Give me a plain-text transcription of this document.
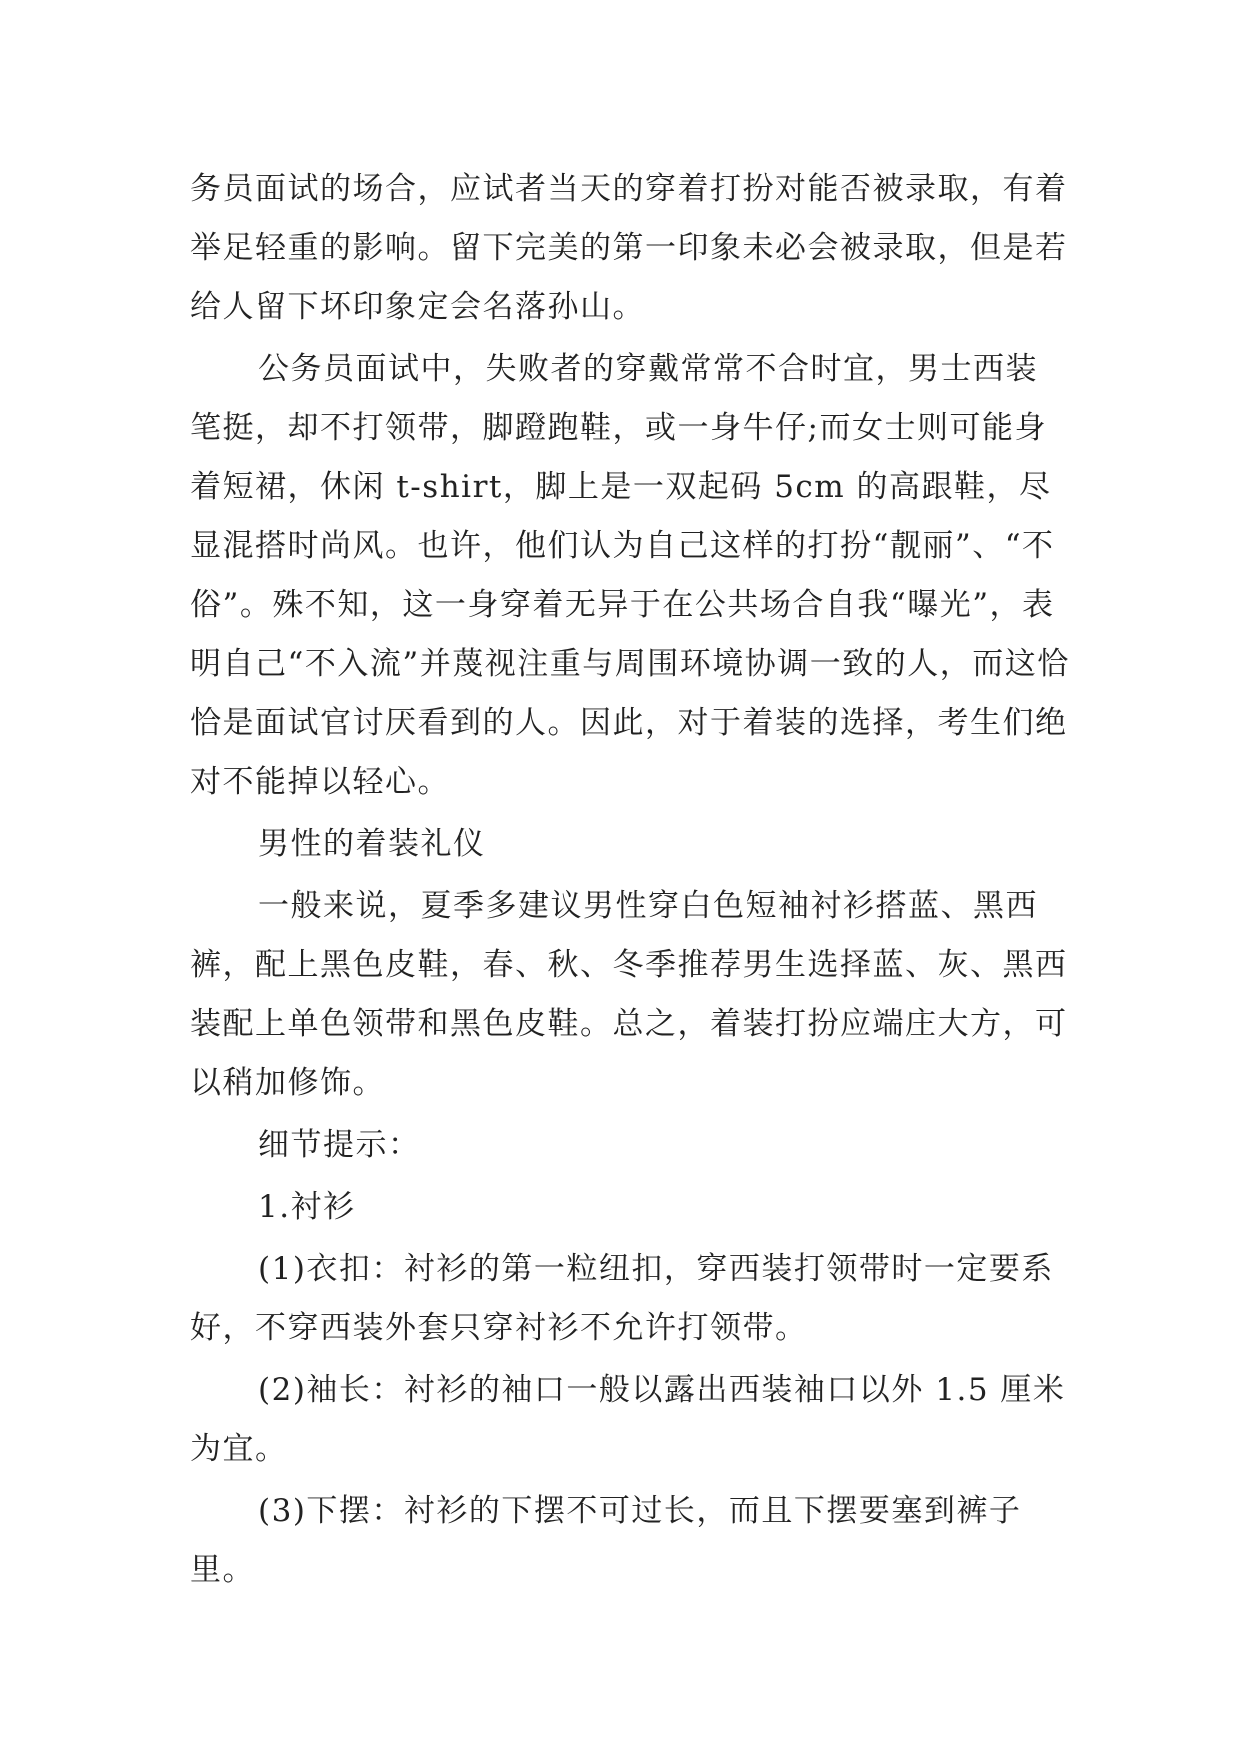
务员面试的场合，应试者当天的穿着打扮对能否被录取，有着举足轻重的影响。留下完美的第一印象未必会被录取，但是若给人留下坏印象定会名落孙山。

公务员面试中，失败者的穿戴常常不合时宜，男士西装笔挺，却不打领带，脚蹬跑鞋，或一身牛仔;而女士则可能身着短裙，休闲 t-shirt，脚上是一双起码 5cm 的高跟鞋，尽显混搭时尚风。也许，他们认为自己这样的打扮“靓丽”、“不俗”。殊不知，这一身穿着无异于在公共场合自我“曝光”，表明自己“不入流”并蔑视注重与周围环境协调一致的人，而这恰恰是面试官讨厌看到的人。因此，对于着装的选择，考生们绝对不能掉以轻心。

男性的着装礼仪

一般来说，夏季多建议男性穿白色短袖衬衫搭蓝、黑西裤，配上黑色皮鞋，春、秋、冬季推荐男生选择蓝、灰、黑西装配上单色领带和黑色皮鞋。总之，着装打扮应端庄大方，可以稍加修饰。

细节提示：

1.衬衫

(1)衣扣：衬衫的第一粒纽扣，穿西装打领带时一定要系好，不穿西装外套只穿衬衫不允许打领带。

(2)袖长：衬衫的袖口一般以露出西装袖口以外 1.5 厘米为宜。

(3)下摆：衬衫的下摆不可过长，而且下摆要塞到裤子里。
